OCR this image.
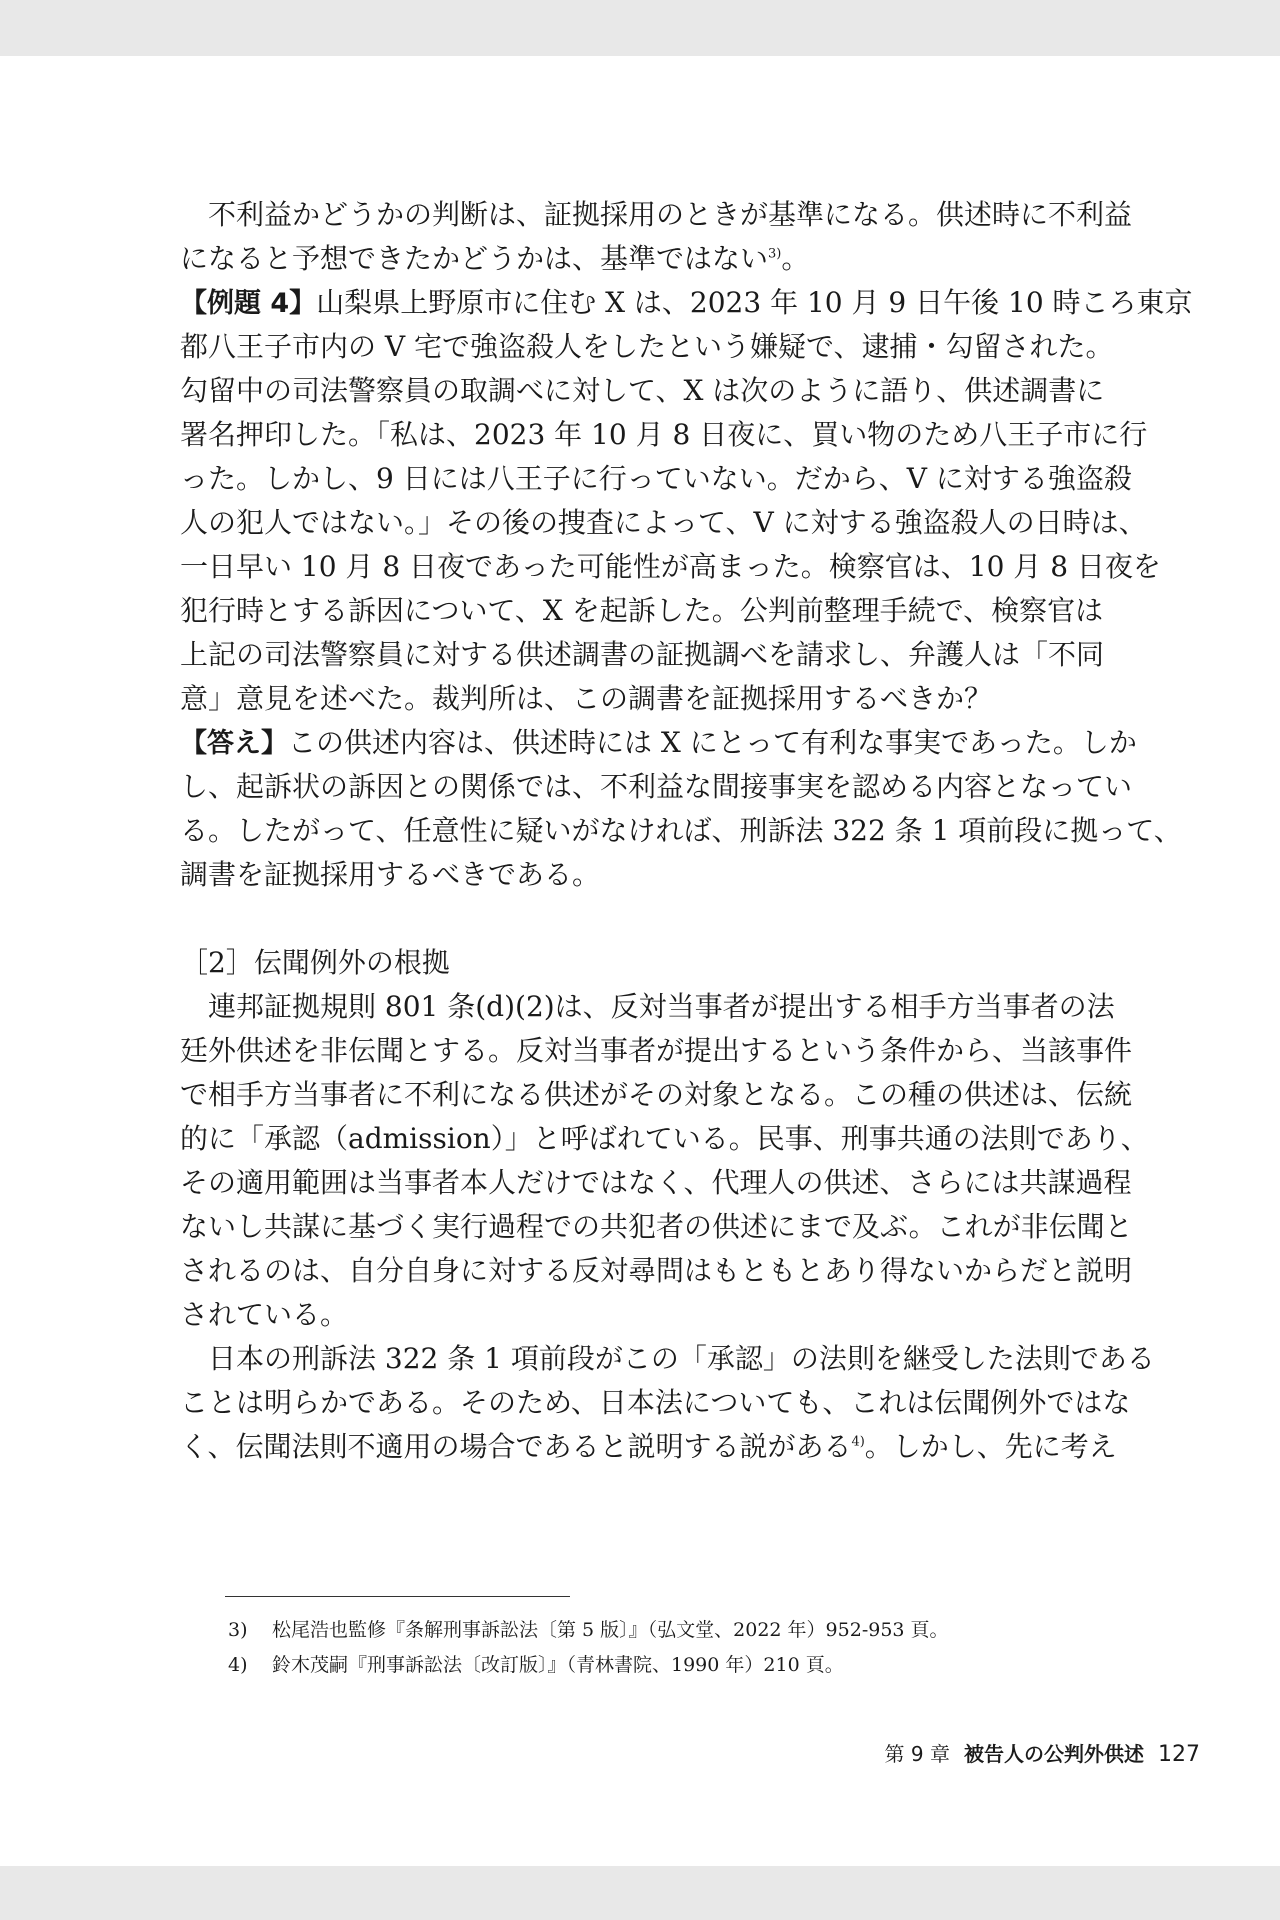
不利益かどうかの判断は、証拠採用のときが基準になる。供述時に不利益
になると予想できたかどうかは、基準ではない$^{3)}$。
【例題 4】山梨県上野原市に住む X は、2023 年 10 月 9 日午後 10 時ころ東京
都八王子市内の V 宅で強盗殺人をしたという嫌疑で、逮捕・勾留された。
勾留中の司法警察員の取調べに対して、X は次のように語り、供述調書に
署名押印した。「私は、2023 年 10 月 8 日夜に、買い物のため八王子市に行
った。しかし、9 日には八王子に行っていない。だから、V に対する強盗殺
人の犯人ではない。」その後の捜査によって、V に対する強盗殺人の日時は、
一日早い 10 月 8 日夜であった可能性が高まった。検察官は、10 月 8 日夜を
犯行時とする訴因について、X を起訴した。公判前整理手続で、検察官は
上記の司法警察員に対する供述調書の証拠調べを請求し、弁護人は「不同
意」意見を述べた。裁判所は、この調書を証拠採用するべきか？
【答え】この供述内容は、供述時には X にとって有利な事実であった。しか
し、起訴状の訴因との関係では、不利益な間接事実を認める内容となってい
る。したがって、任意性に疑いがなければ、刑訴法 322 条 1 項前段に拠って、
調書を証拠採用するべきである。
［2］伝聞例外の根拠
連邦証拠規則 801 条(d)(2)は、反対当事者が提出する相手方当事者の法
廷外供述を非伝聞とする。反対当事者が提出するという条件から、当該事件
で相手方当事者に不利になる供述がその対象となる。この種の供述は、伝統
的に「承認（admission）」と呼ばれている。民事、刑事共通の法則であり、
その適用範囲は当事者本人だけではなく、代理人の供述、さらには共謀過程
ないし共謀に基づく実行過程での共犯者の供述にまで及ぶ。これが非伝聞と
されるのは、自分自身に対する反対尋問はもともとあり得ないからだと説明
されている。
日本の刑訴法 322 条 1 項前段がこの「承認」の法則を継受した法則である
ことは明らかである。そのため、日本法についても、これは伝聞例外ではな
く、伝聞法則不適用の場合であると説明する説がある$^{4)}$。しかし、先に考え
3) 松尾浩也監修『条解刑事訴訟法〔第 5 版〕』（弘文堂、2022 年）952-953 頁。
4) 鈴木茂嗣『刑事訴訟法〔改訂版〕』（青林書院、1990 年）210 頁。
第 9 章 被告人の公判外供述 127
